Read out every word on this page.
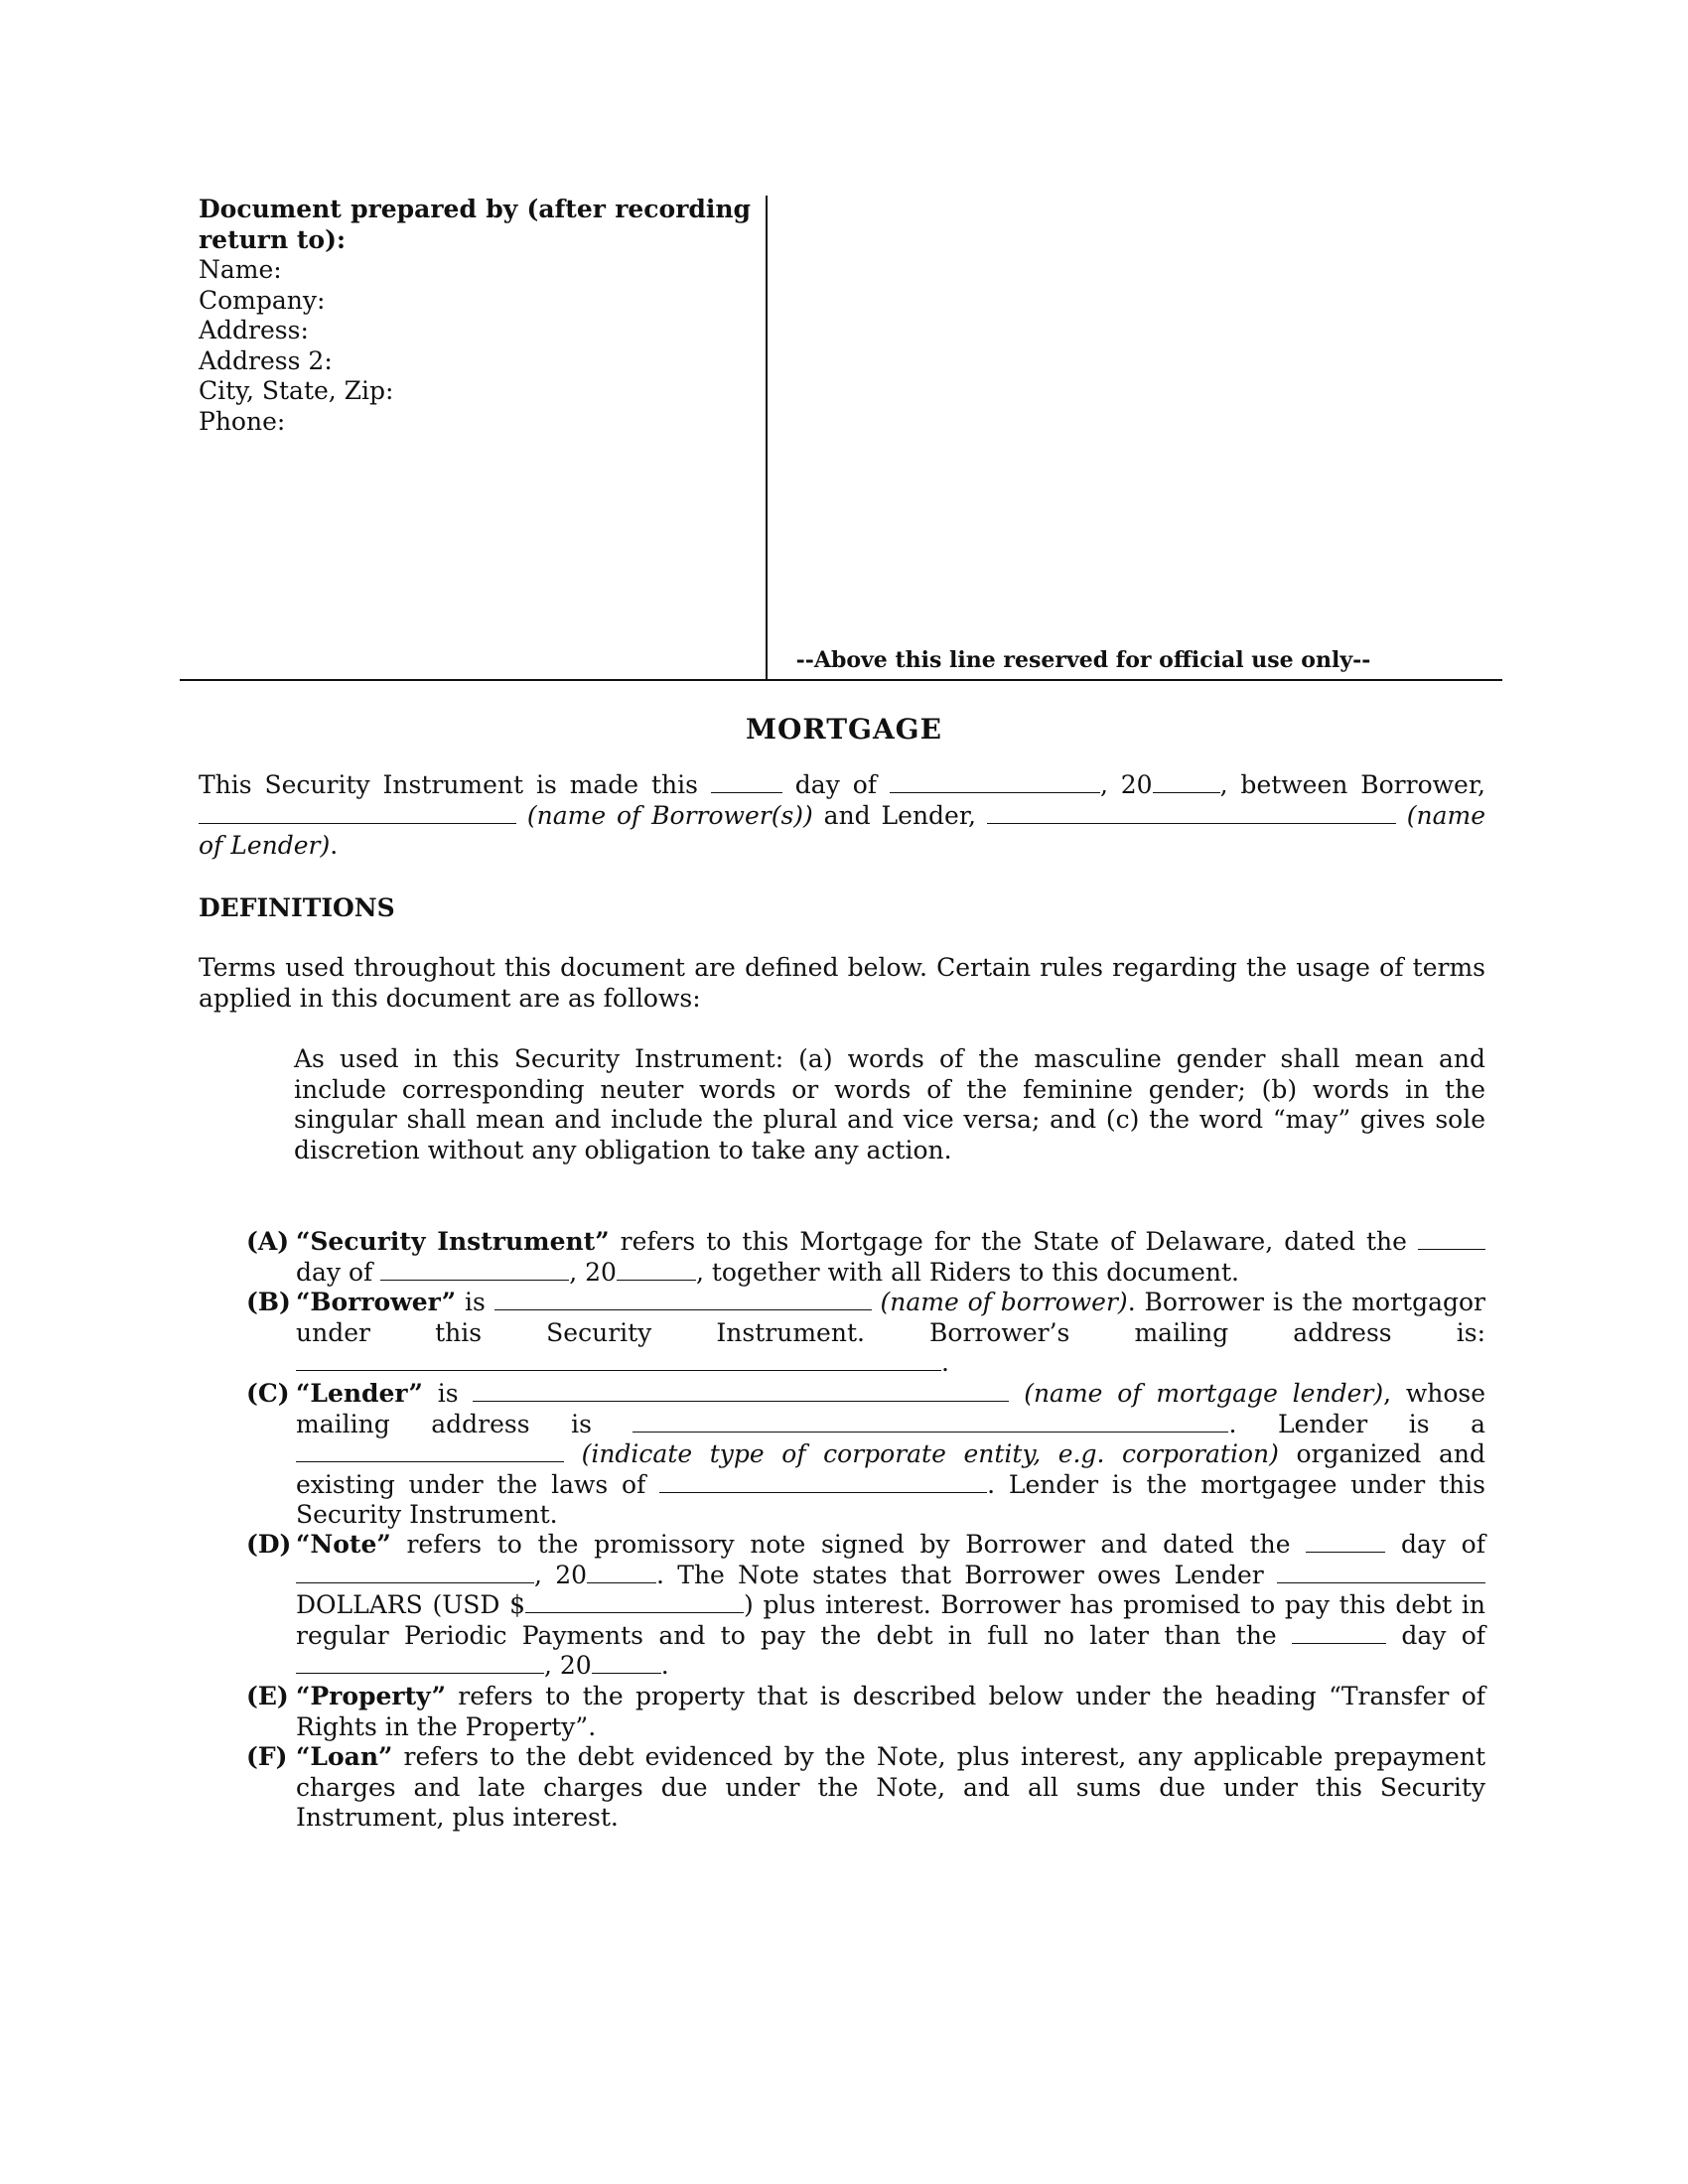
Document prepared by (after recording return to):
Name:
Company:
Address:
Address 2:
City, State, Zip:
Phone:
--Above this line reserved for official use only--
MORTGAGE
This Security Instrument is made this	day of	, 20	, between Borrower,  (name of Borrower(s)) and Lender,	(name of Lender).
DEFINITIONS
Terms used throughout this document are defined below. Certain rules regarding the usage of terms applied in this document are as follows:
As used in this Security Instrument: (a) words of the masculine gender shall mean and include corresponding neuter words or words of the feminine gender; (b) words in the singular shall mean and include the plural and vice versa; and (c) the word “may” gives sole discretion without any obligation to take any action.
(A) “Security Instrument” refers to this Mortgage for the State of Delaware, dated the  day of	, 20	, together with all Riders to this document.
(B) “Borrower” is	(name of borrower). Borrower is the mortgagor under this Security Instrument. Borrower’s mailing address is: .
(C) “Lender” is	(name of mortgage lender), whose mailing address is	. Lender is a  (indicate type of corporate entity, e.g. corporation) organized and existing under the laws of	. Lender is the mortgagee under this Security Instrument.
(D) “Note” refers to the promissory note signed by Borrower and dated the	day of , 20	. The Note states that Borrower owes Lender  DOLLARS (USD $	) plus interest. Borrower has promised to pay this debt in regular Periodic Payments and to pay the debt in full no later than the	day of , 20	.
(E) “Property” refers to the property that is described below under the heading “Transfer of Rights in the Property”.
(F) “Loan” refers to the debt evidenced by the Note, plus interest, any applicable prepayment charges and late charges due under the Note, and all sums due under this Security Instrument, plus interest.
